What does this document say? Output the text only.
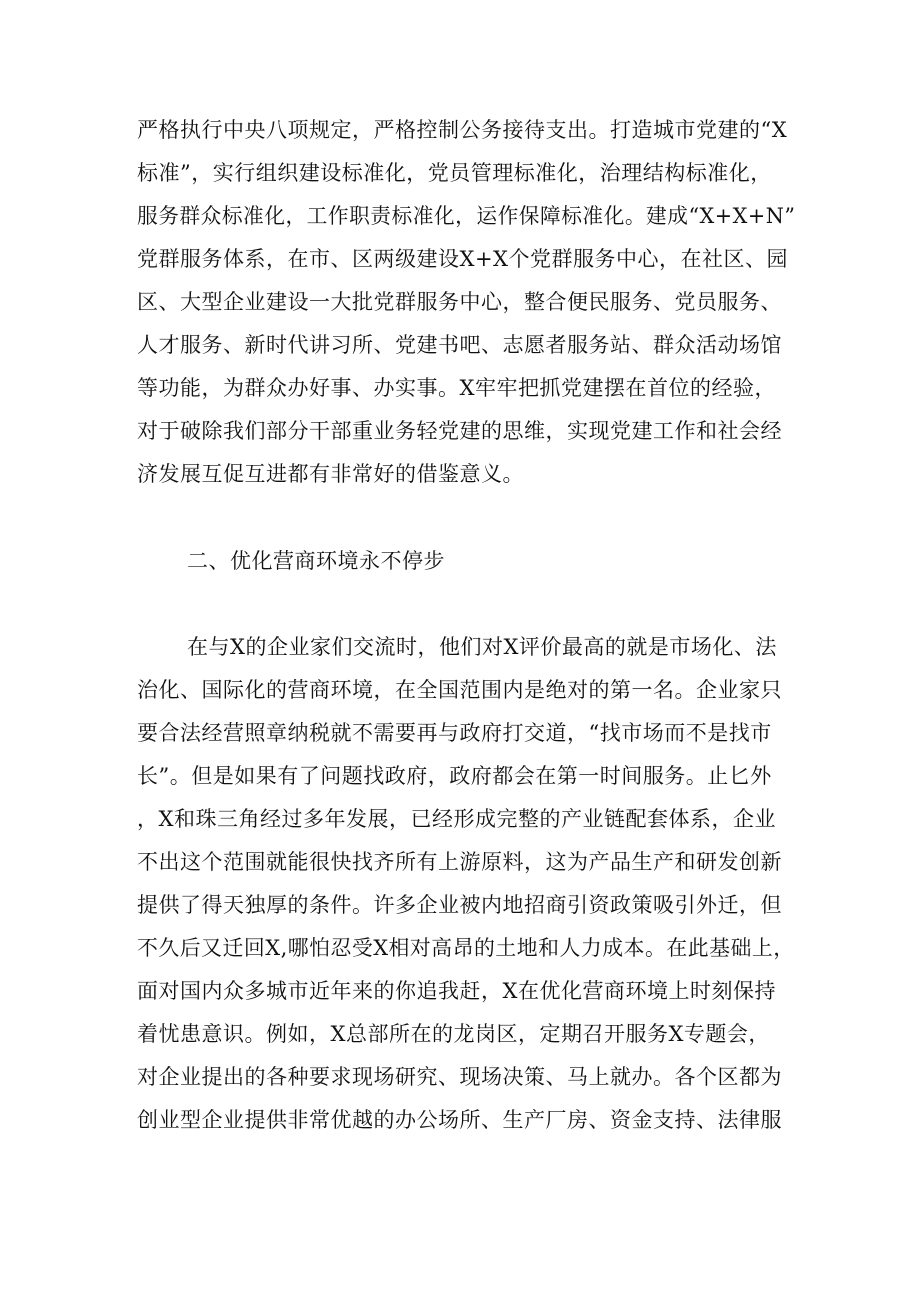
严格执行中央八项规定，严格控制公务接待支出。打造城市党建的“X
标准”，实行组织建设标准化，党员管理标准化，治理结构标准化，
服务群众标准化，工作职责标准化，运作保障标准化。建成“X+X+N”
党群服务体系，在市、区两级建设X+X个党群服务中心，在社区、园
区、大型企业建设一大批党群服务中心，整合便民服务、党员服务、
人才服务、新时代讲习所、党建书吧、志愿者服务站、群众活动场馆
等功能，为群众办好事、办实事。X牢牢把抓党建摆在首位的经验，
对于破除我们部分干部重业务轻党建的思维，实现党建工作和社会经
济发展互促互进都有非常好的借鉴意义。
二、优化营商环境永不停步
在与X的企业家们交流时，他们对X评价最高的就是市场化、法
治化、国际化的营商环境，在全国范围内是绝对的第一名。企业家只
要合法经营照章纳税就不需要再与政府打交道，“找市场而不是找市
长”。但是如果有了问题找政府，政府都会在第一时间服务。止匕外
，X和珠三角经过多年发展，已经形成完整的产业链配套体系，企业
不出这个范围就能很快找齐所有上游原料，这为产品生产和研发创新
提供了得天独厚的条件。许多企业被内地招商引资政策吸引外迁，但
不久后又迁回X,哪怕忍受X相对高昂的土地和人力成本。在此基础上，
面对国内众多城市近年来的你追我赶，X在优化营商环境上时刻保持
着忧患意识。例如，X总部所在的龙岗区，定期召开服务X专题会，
对企业提出的各种要求现场研究、现场决策、马上就办。各个区都为
创业型企业提供非常优越的办公场所、生产厂房、资金支持、法律服
